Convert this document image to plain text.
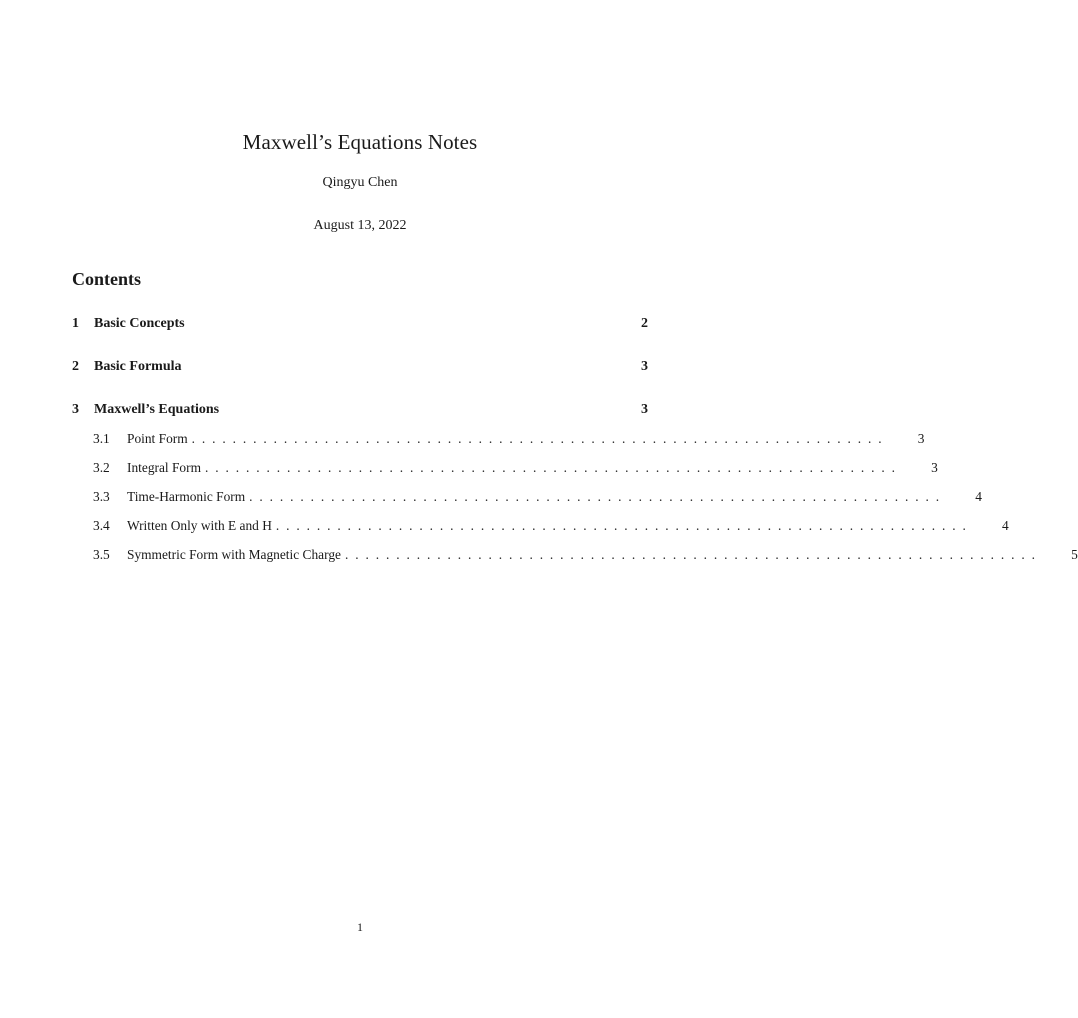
Maxwell’s Equations Notes
Qingyu Chen
August 13, 2022
Contents
1	Basic Concepts	2
2	Basic Formula	3
3	Maxwell’s Equations	3
3.1	Point Form ....................................................................	3
3.2	Integral Form ....................................................................	3
3.3	Time-Harmonic Form ....................................................................	4
3.4	Written Only with E and H ....................................................................	4
3.5	Symmetric Form with Magnetic Charge ....................................................................	5
1
